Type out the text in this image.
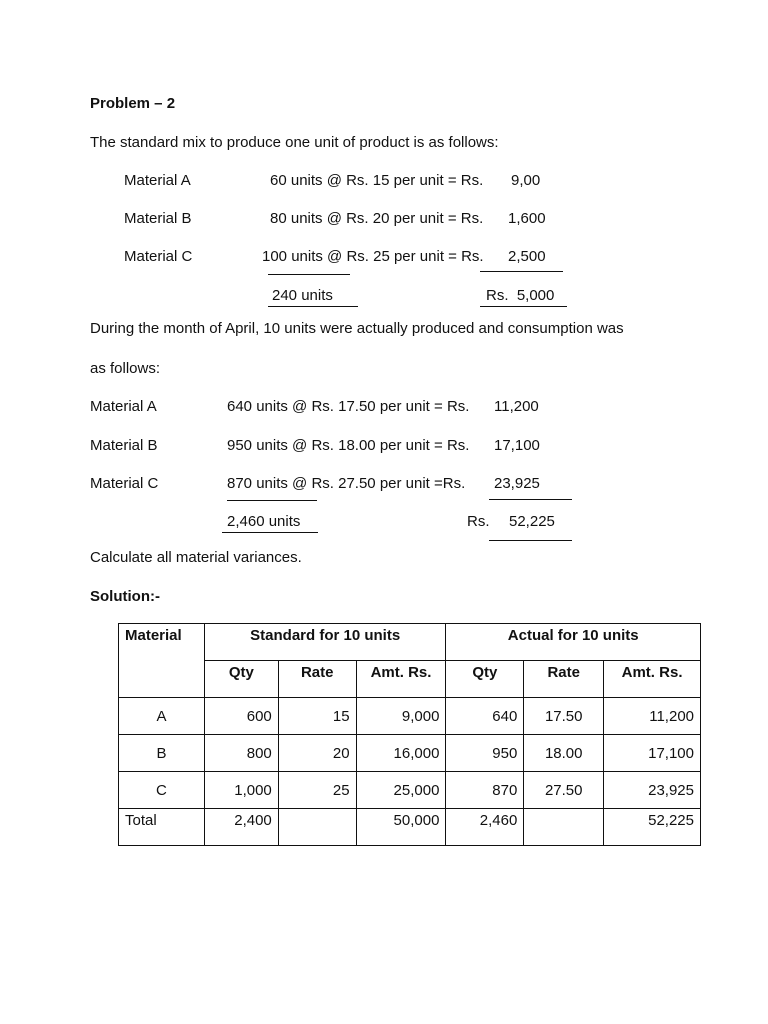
Problem – 2
The standard mix to produce one unit of product is as follows:
Material A	60 units @ Rs. 15 per unit = Rs. 9,00
Material B	80 units @ Rs. 20 per unit = Rs. 1,600
Material C	100 units @ Rs. 25 per unit = Rs. 2,500
240 units	Rs.  5,000
During the month of April, 10 units were actually produced and consumption was
as follows:
Material A	640 units @ Rs. 17.50 per unit = Rs. 11,200
Material B	950 units @ Rs. 18.00 per unit = Rs. 17,100
Material C	870 units @ Rs. 27.50 per unit =Rs. 23,925
2,460 units	Rs. 52,225
Calculate all material variances.
Solution:-
Material	Standard for 10 units			Actual for 10 units		
	Qty	Rate	Amt. Rs.	Qty	Rate	Amt. Rs.
A	600	15	9,000	640	17.50	11,200
B	800	20	16,000	950	18.00	17,100
C	1,000	25	25,000	870	27.50	23,925
Total	2,400		50,000	2,460		52,225
